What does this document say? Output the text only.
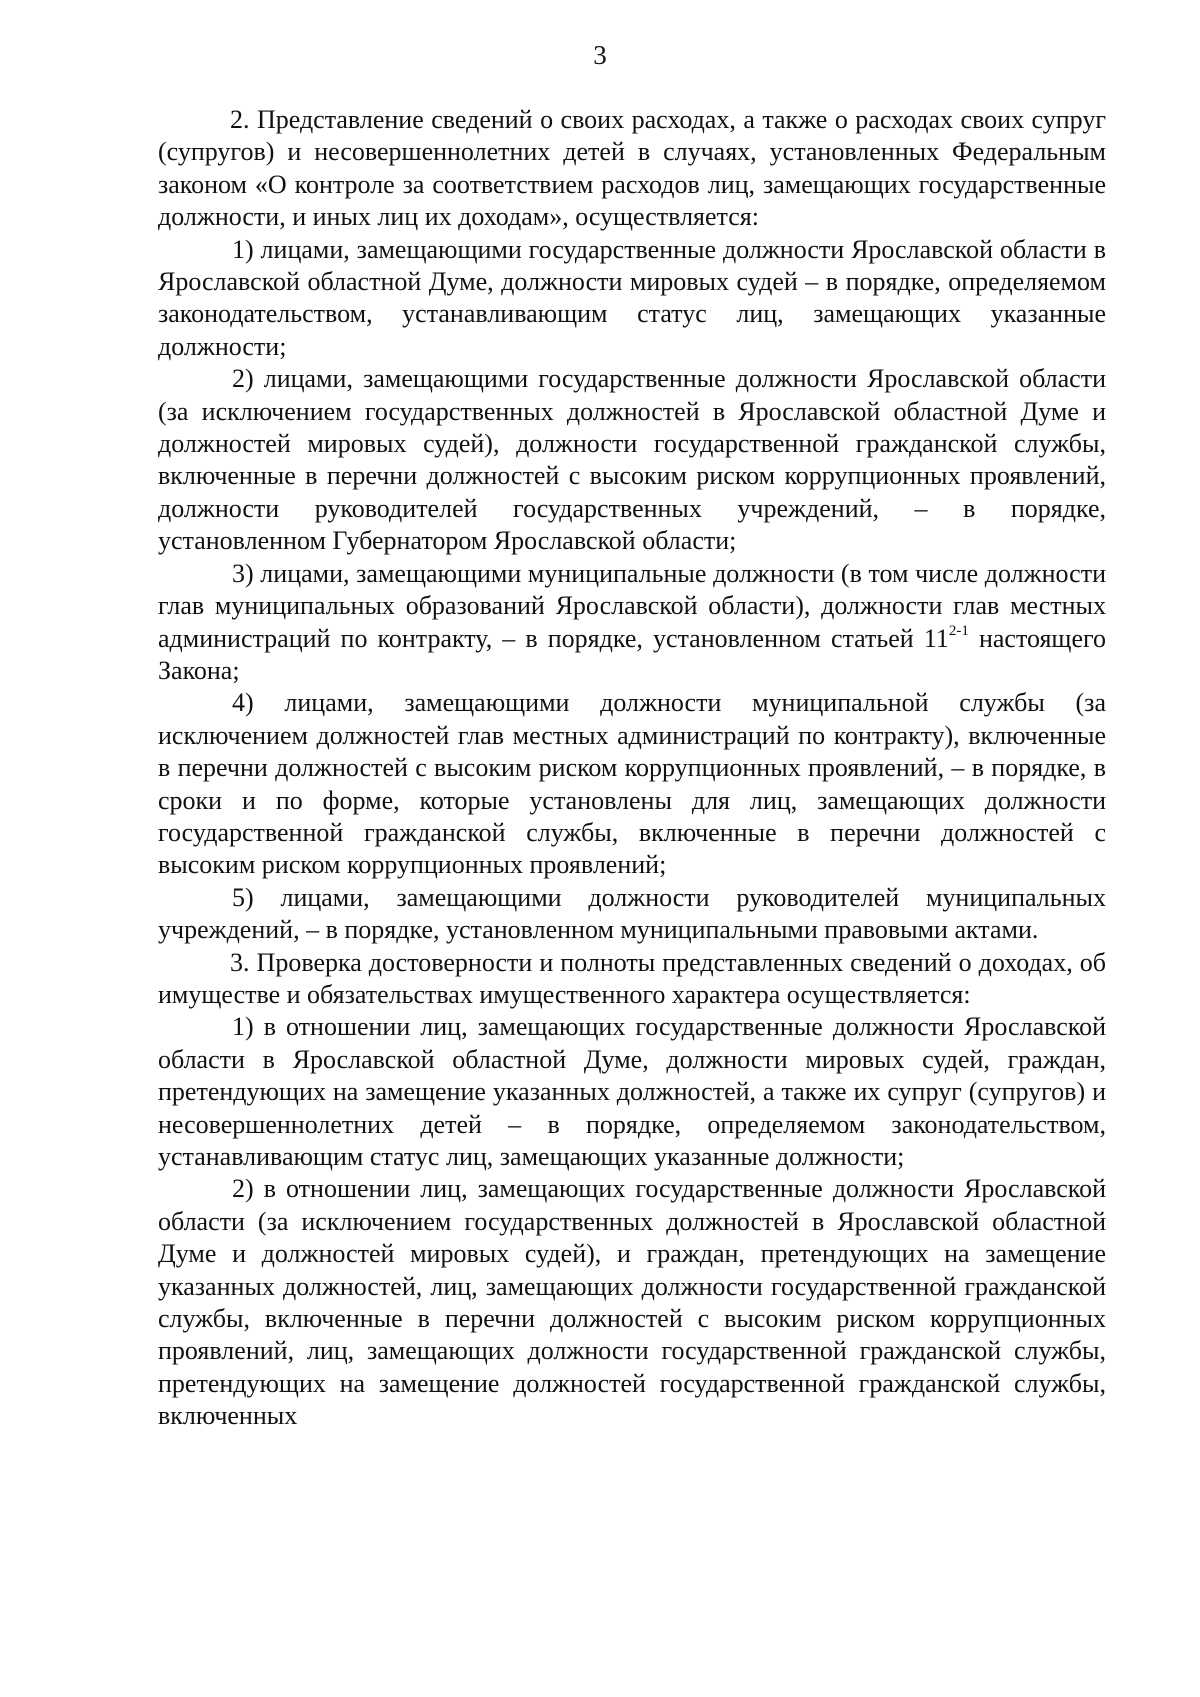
3

2. Представление сведений о своих расходах, а также о расходах своих супруг (супругов) и несовершеннолетних детей в случаях, установленных Федеральным законом «О контроле за соответствием расходов лиц, замещающих государственные должности, и иных лиц их доходам», осуществляется:

1) лицами, замещающими государственные должности Ярославской области в Ярославской областной Думе, должности мировых судей – в порядке, определяемом законодательством, устанавливающим статус лиц, замещающих указанные должности;

2) лицами, замещающими государственные должности Ярославской области (за исключением государственных должностей в Ярославской областной Думе и должностей мировых судей), должности государственной гражданской службы, включенные в перечни должностей с высоким риском коррупционных проявлений, должности руководителей государственных учреждений, – в порядке, установленном Губернатором Ярославской области;

3) лицами, замещающими муниципальные должности (в том числе должности глав муниципальных образований Ярославской области), должности глав местных администраций по контракту, – в порядке, установленном статьей 11$^{2-1}$ настоящего Закона;

4) лицами, замещающими должности муниципальной службы (за исключением должностей глав местных администраций по контракту), включенные в перечни должностей с высоким риском коррупционных проявлений, – в порядке, в сроки и по форме, которые установлены для лиц, замещающих должности государственной гражданской службы, включенные в перечни должностей с высоким риском коррупционных проявлений;

5) лицами, замещающими должности руководителей муниципальных учреждений, – в порядке, установленном муниципальными правовыми актами.

3. Проверка достоверности и полноты представленных сведений о доходах, об имуществе и обязательствах имущественного характера осуществляется:

1) в отношении лиц, замещающих государственные должности Ярославской области в Ярославской областной Думе, должности мировых судей, граждан, претендующих на замещение указанных должностей, а также их супруг (супругов) и несовершеннолетних детей – в порядке, определяемом законодательством, устанавливающим статус лиц, замещающих указанные должности;

2) в отношении лиц, замещающих государственные должности Ярославской области (за исключением государственных должностей в Ярославской областной Думе и должностей мировых судей), и граждан, претендующих на замещение указанных должностей, лиц, замещающих должности государственной гражданской службы, включенные в перечни должностей с высоким риском коррупционных проявлений, лиц, замещающих должности государственной гражданской службы, претендующих на замещение должностей государственной гражданской службы, включенных
